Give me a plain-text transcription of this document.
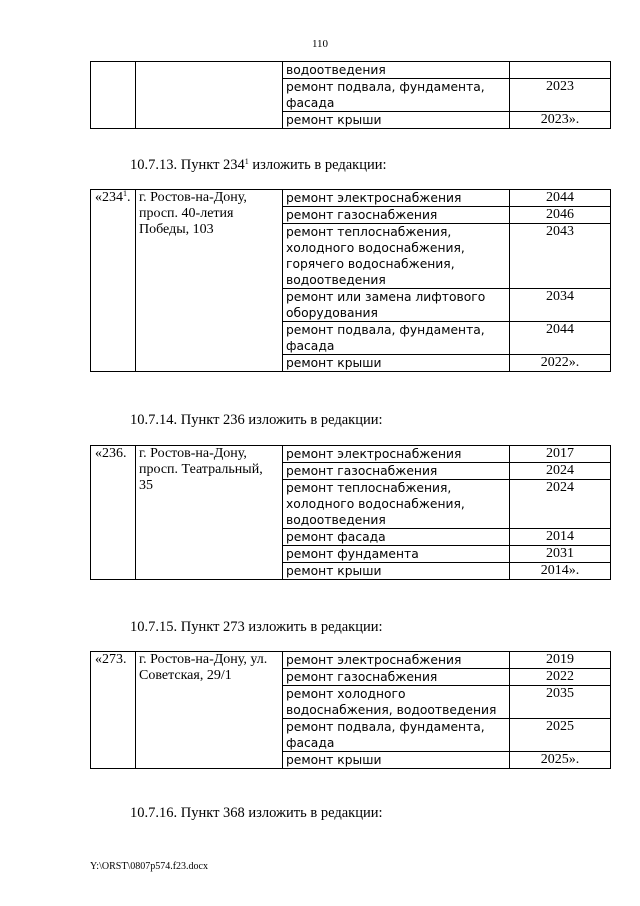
110
		водоотведения	
		ремонт подвала, фундамента, фасада	2023
		ремонт крыши	2023».
10.7.13. Пункт $234^1$ изложить в редакции:
«$234^1$.	г. Ростов-на-Дону, просп. 40-летия Победы, 103	ремонт электроснабжения	2044
		ремонт газоснабжения	2046
		ремонт теплоснабжения, холодного водоснабжения, горячего водоснабжения, водоотведения	2043
		ремонт или замена лифтового оборудования	2034
		ремонт подвала, фундамента, фасада	2044
		ремонт крыши	2022».
10.7.14. Пункт 236 изложить в редакции:
«236.	г. Ростов-на-Дону, просп. Театральный, 35	ремонт электроснабжения	2017
		ремонт газоснабжения	2024
		ремонт теплоснабжения, холодного водоснабжения, водоотведения	2024
		ремонт фасада	2014
		ремонт фундамента	2031
		ремонт крыши	2014».
10.7.15. Пункт 273 изложить в редакции:
«273.	г. Ростов-на-Дону, ул. Советская, 29/1	ремонт электроснабжения	2019
		ремонт газоснабжения	2022
		ремонт холодного водоснабжения, водоотведения	2035
		ремонт подвала, фундамента, фасада	2025
		ремонт крыши	2025».
10.7.16. Пункт 368 изложить в редакции:
Y:\ORST\0807p574.f23.docx
